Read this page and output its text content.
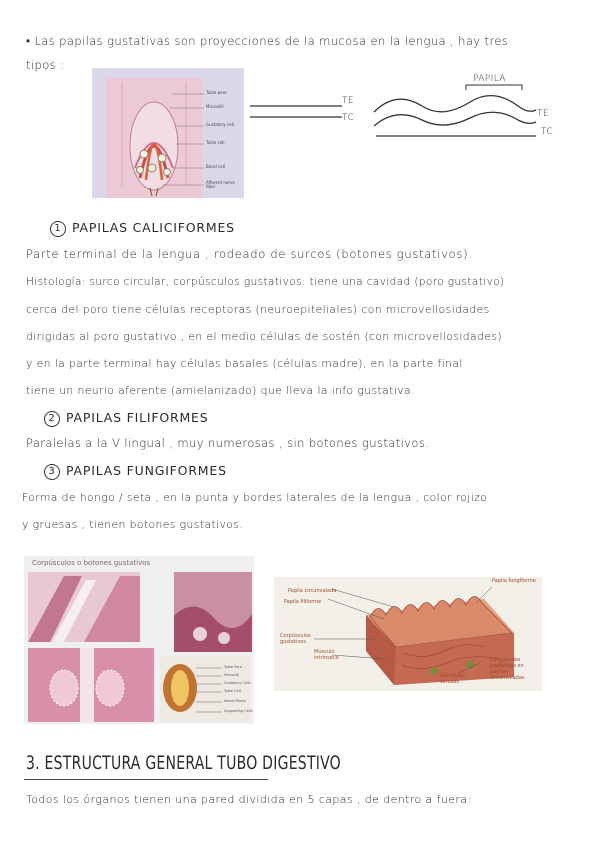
• Las papilas gustativas son proyecciones de la mucosa en la lengua , hay tres
tipos :
Taste pore
Microvilli
Gustatory cell
Taste cell
Basal cell
Afferent nerve fiber
TE
TC
PAPILA
TE
TC
1 PAPILAS CALICIFORMES
Parte terminal de la lengua , rodeado de surcos (botones gustativos).
Histología: surco circular, corpúsculos gustativos: tiene una cavidad (poro gustativo)
cerca del poro tiene células receptoras (neuroepiteliales) con microvellosidades
dirigidas al poro gustativo , en el medio células de sostén (con microvellosidades)
y en la parte terminal hay células basales (células madre), en la parte final
tiene un neurio aferente (amielanizado) que lleva la info gustativa.
2 PAPILAS FILIFORMES
Paralelas a la V lingual , muy numerosas , sin botones gustativos.
3 PAPILAS FUNGIFORMES
Forma de hongo / seta , en la punta y bordes laterales de la lengua , color rojizo
y gruesas , tienen botones gustativos.
Corpúsculos o botones gustativos
Taste Pore
Microvilli
Gustatory Cells
Taste Cell
Nerve Fibers
Supporting Cells
Papila fungiforme
Papila circunvalada
Papila filiforme
Corpúsculos gustativos
Músculo intrínseco
Glándulas serosas
Corpúsculos gustativos en papilas circunvaladas
3. ESTRUCTURA GENERAL TUBO DIGESTIVO
Todos los órganos tienen una pared dividida en 5 capas , de dentro a fuera:
